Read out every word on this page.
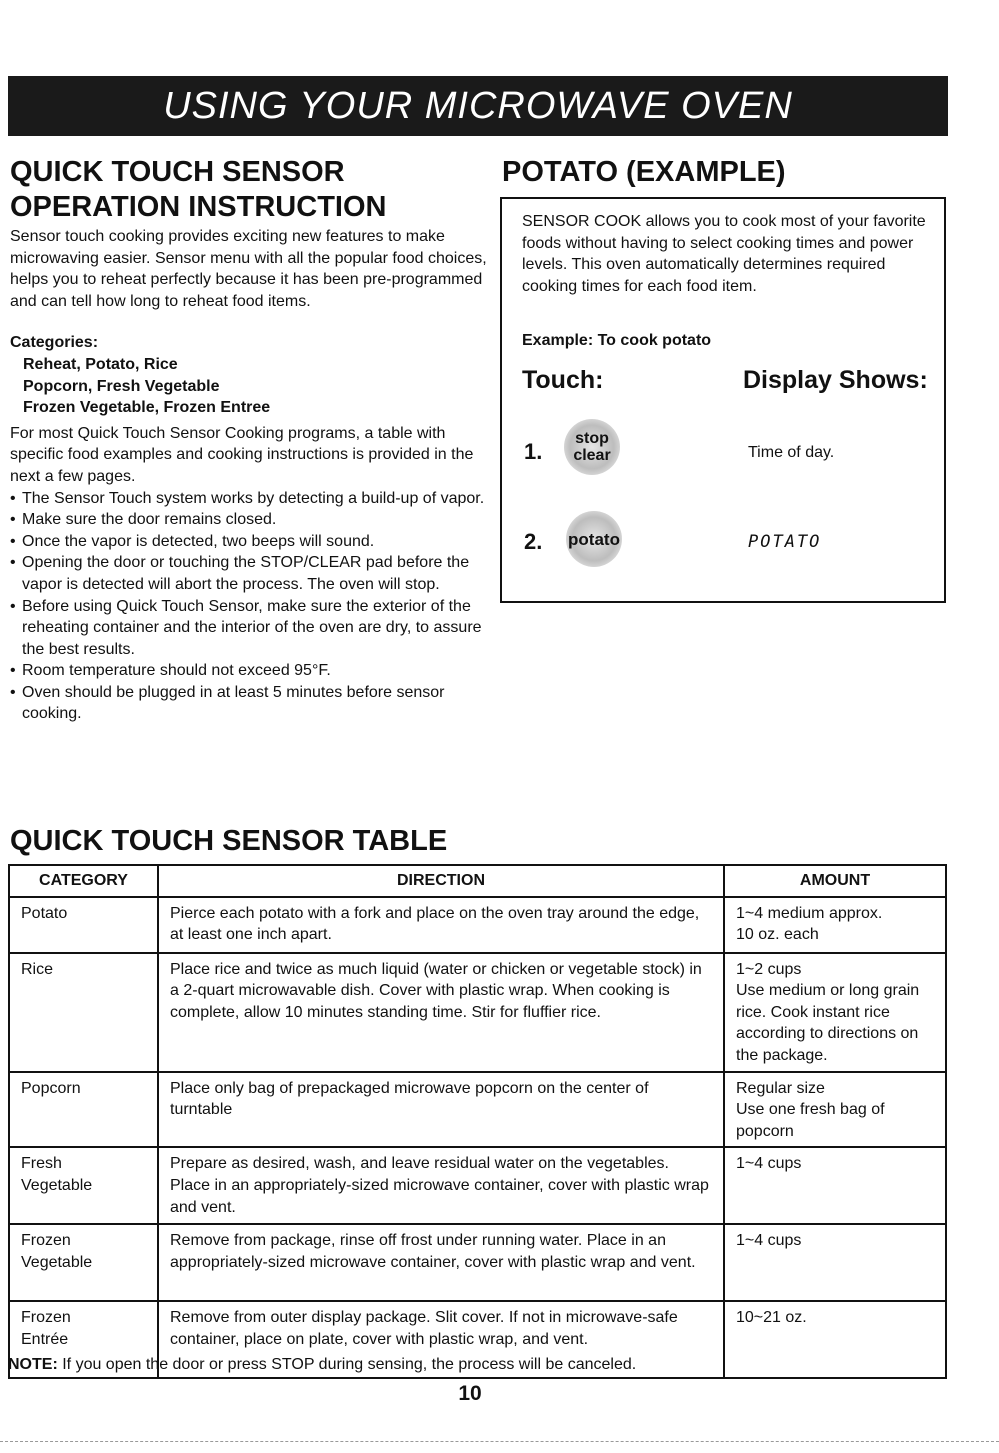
USING YOUR MICROWAVE OVEN
QUICK TOUCH SENSOR
OPERATION INSTRUCTION

Sensor touch cooking provides exciting new features to make microwaving easier. Sensor menu with all the popular food choices, helps you to reheat perfectly because it has been pre-programmed and can tell how long to reheat food items.

Categories:
Reheat, Potato, Rice
Popcorn, Fresh Vegetable
Frozen Vegetable, Frozen Entree

For most Quick Touch Sensor Cooking programs, a table with specific food examples and cooking instructions is provided in the next a few pages.

• The Sensor Touch system works by detecting a build-up of vapor.
• Make sure the door remains closed.
• Once the vapor is detected, two beeps will sound.
• Opening the door or touching the STOP/CLEAR pad before the vapor is detected will abort the process. The oven will stop.
• Before using Quick Touch Sensor, make sure the exterior of the reheating container and the interior of the oven are dry, to assure the best results.
• Room temperature should not exceed 95°F.
• Oven should be plugged in at least 5 minutes before sensor cooking.
POTATO (EXAMPLE)

SENSOR COOK allows you to cook most of your favorite foods without having to select cooking times and power levels. This oven automatically determines required cooking times for each food item.

Example: To cook potato

Touch:	Display Shows:

1.
stop
clear	Time of day.
2. potato	POTATO
QUICK TOUCH SENSOR TABLE
CATEGORY	DIRECTION	AMOUNT

Potato	Pierce each potato with a fork and place on the oven tray around the edge, at least one inch apart.	1~4 medium approx.
10 oz. each

Rice	Place rice and twice as much liquid (water or chicken or vegetable stock) in a 2-quart microwavable dish. Cover with plastic wrap. When cooking is complete, allow 10 minutes standing time. Stir for fluffier rice.	1~2 cups
Use medium or long grain rice. Cook instant rice according to directions on the package.

Popcorn	Place only bag of prepackaged microwave popcorn on the center of turntable	Regular size
Use one fresh bag of popcorn

Fresh
Vegetable	Prepare as desired, wash, and leave residual water on the vegetables. Place in an appropriately-sized microwave container, cover with plastic wrap and vent.	1~4 cups

Frozen
Vegetable	Remove from package, rinse off frost under running water. Place in an appropriately-sized microwave container, cover with plastic wrap and vent.	1~4 cups

Frozen
Entrée	Remove from outer display package. Slit cover. If not in microwave-safe container, place on plate, cover with plastic wrap, and vent.	10~21 oz.

NOTE: If you open the door or press STOP during sensing, the process will be canceled.

10
